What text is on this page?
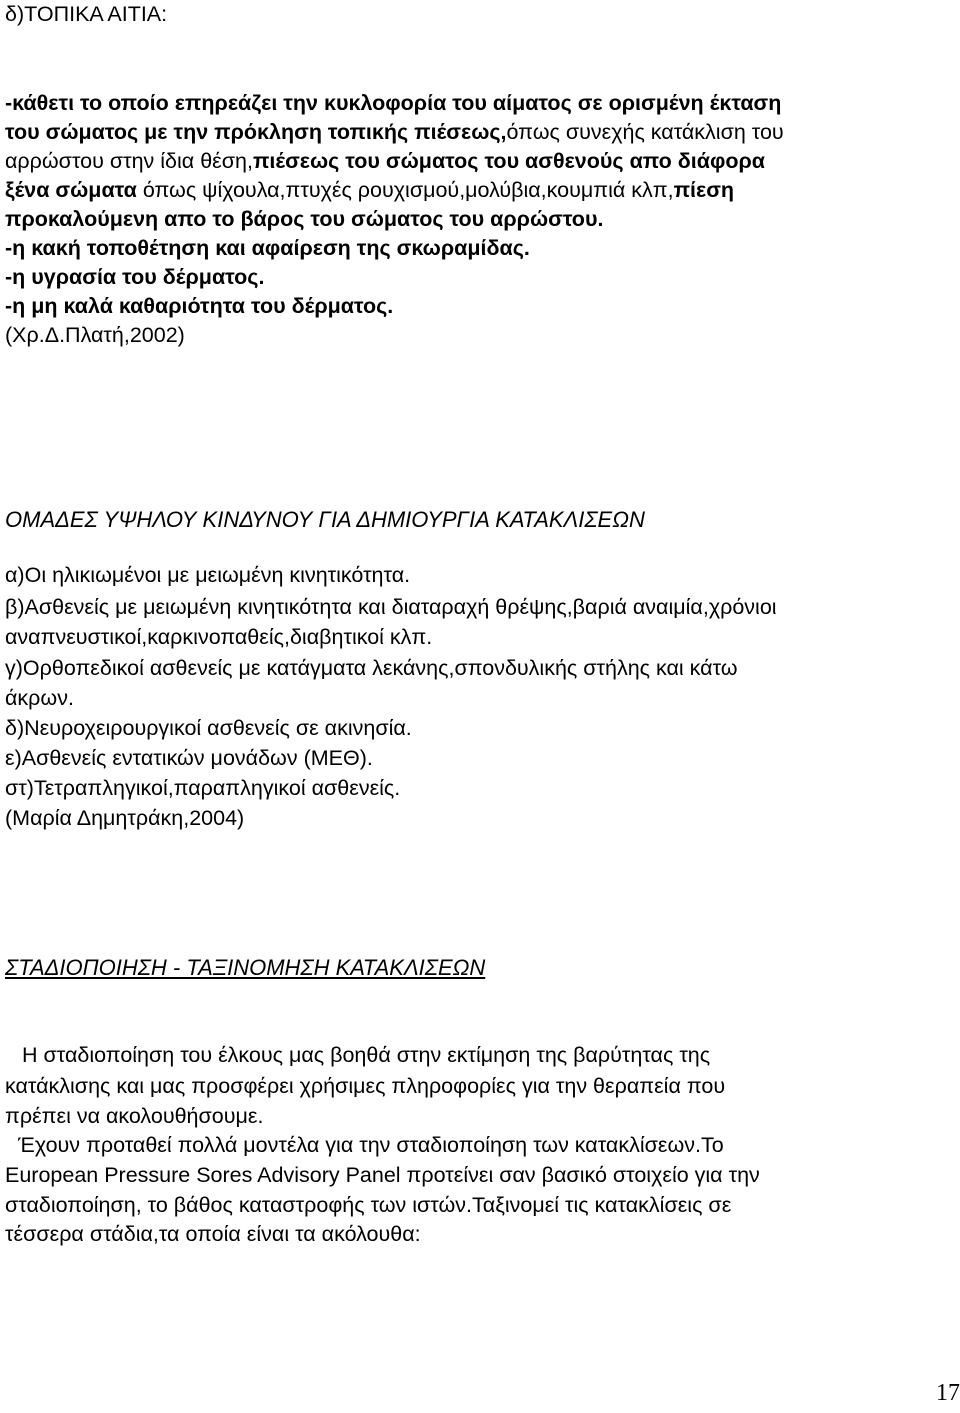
δ)ΤΟΠΙΚΑ ΑΙΤΙΑ:

-κάθετι το οποίο επηρεάζει την κυκλοφορία του αίματος σε ορισμένη έκταση

του σώματος με την πρόκληση τοπικής πιέσεως,όπως συνεχής κατάκλιση του

αρρώστου στην ίδια θέση,πιέσεως του σώματος του ασθενούς απο διάφορα

ξένα σώματα όπως ψίχουλα,πτυχές ρουχισμού,μολύβια,κουμπιά κλπ,πίεση

προκαλούμενη απο το βάρος του σώματος του αρρώστου.

-η κακή τοποθέτηση και αφαίρεση της σκωραμίδας.

-η υγρασία του δέρματος.

-η μη καλά καθαριότητα του δέρματος.

(Χρ.Δ.Πλατή,2002)

ΟΜΑΔΕΣ ΥΨΗΛΟΥ ΚΙΝΔΥΝΟΥ ΓΙΑ ΔΗΜΙΟΥΡΓΙΑ ΚΑΤΑΚΛΙΣΕΩΝ

α)Οι ηλικιωμένοι με μειωμένη κινητικότητα.

β)Ασθενείς με μειωμένη κινητικότητα και διαταραχή θρέψης,βαριά αναιμία,χρόνιοι

αναπνευστικοί,καρκινοπαθείς,διαβητικοί κλπ.

γ)Ορθοπεδικοί ασθενείς με κατάγματα λεκάνης,σπονδυλικής στήλης και κάτω

άκρων.

δ)Νευροχειρουργικοί ασθενείς σε ακινησία.

ε)Ασθενείς εντατικών μονάδων (ΜΕΘ).

στ)Τετραπληγικοί,παραπληγικοί ασθενείς.

(Μαρία Δημητράκη,2004)

ΣΤΑΔΙΟΠΟΙΗΣΗ - ΤΑΞΙΝΟΜΗΣΗ ΚΑΤΑΚΛΙΣΕΩΝ

Η σταδιοποίηση του έλκους μας βοηθά στην εκτίμηση της βαρύτητας της

κατάκλισης και μας προσφέρει χρήσιμες πληροφορίες για την θεραπεία που

πρέπει να ακολουθήσουμε.

Έχουν προταθεί πολλά μοντέλα για την σταδιοποίηση των κατακλίσεων.Το

European Pressure Sores Advisory Panel προτείνει σαν βασικό στοιχείο για την

σταδιοποίηση, το βάθος καταστροφής των ιστών.Ταξινομεί τις κατακλίσεις σε

τέσσερα στάδια,τα οποία είναι τα ακόλουθα:

17
